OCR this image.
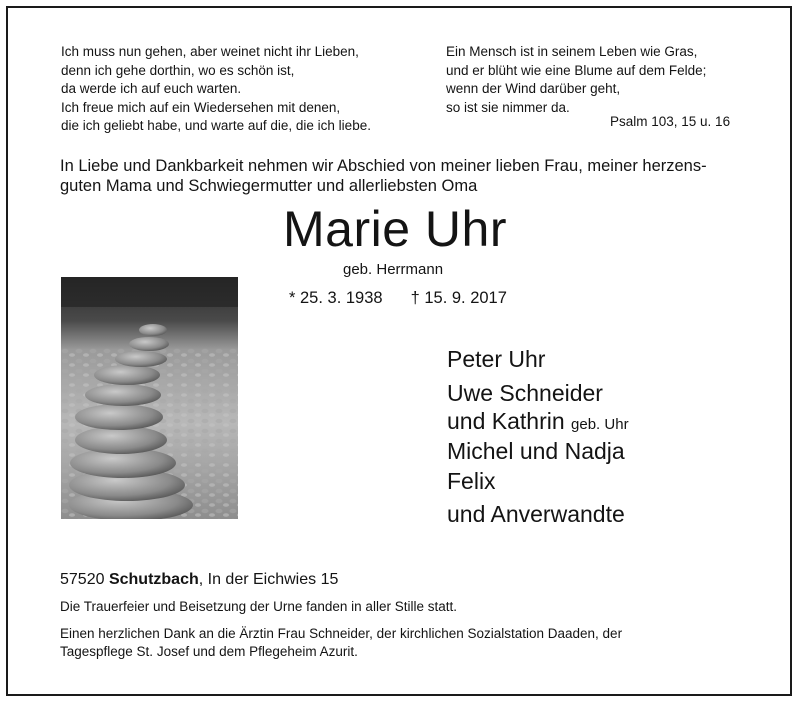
Ich muss nun gehen, aber weinet nicht ihr Lieben,
denn ich gehe dorthin, wo es schön ist,
da werde ich auf euch warten.
Ich freue mich auf ein Wiedersehen mit denen,
die ich geliebt habe, und warte auf die, die ich liebe.
Ein Mensch ist in seinem Leben wie Gras,
und er blüht wie eine Blume auf dem Felde;
wenn der Wind darüber geht,
so ist sie nimmer da.
Psalm 103, 15 u. 16
In Liebe und Dankbarkeit nehmen wir Abschied von meiner lieben Frau, meiner herzens-
guten Mama und Schwiegermutter und allerliebsten Oma
Marie Uhr
geb. Herrmann
* 25. 3. 1938 † 15. 9. 2017
Peter Uhr
Uwe Schneider
und Kathrin geb. Uhr
Michel und Nadja
Felix
und Anverwandte
57520 Schutzbach, In der Eichwies 15
Die Trauerfeier und Beisetzung der Urne fanden in aller Stille statt.
Einen herzlichen Dank an die Ärztin Frau Schneider, der kirchlichen Sozialstation Daaden, der
Tagespflege St. Josef und dem Pflegeheim Azurit.
